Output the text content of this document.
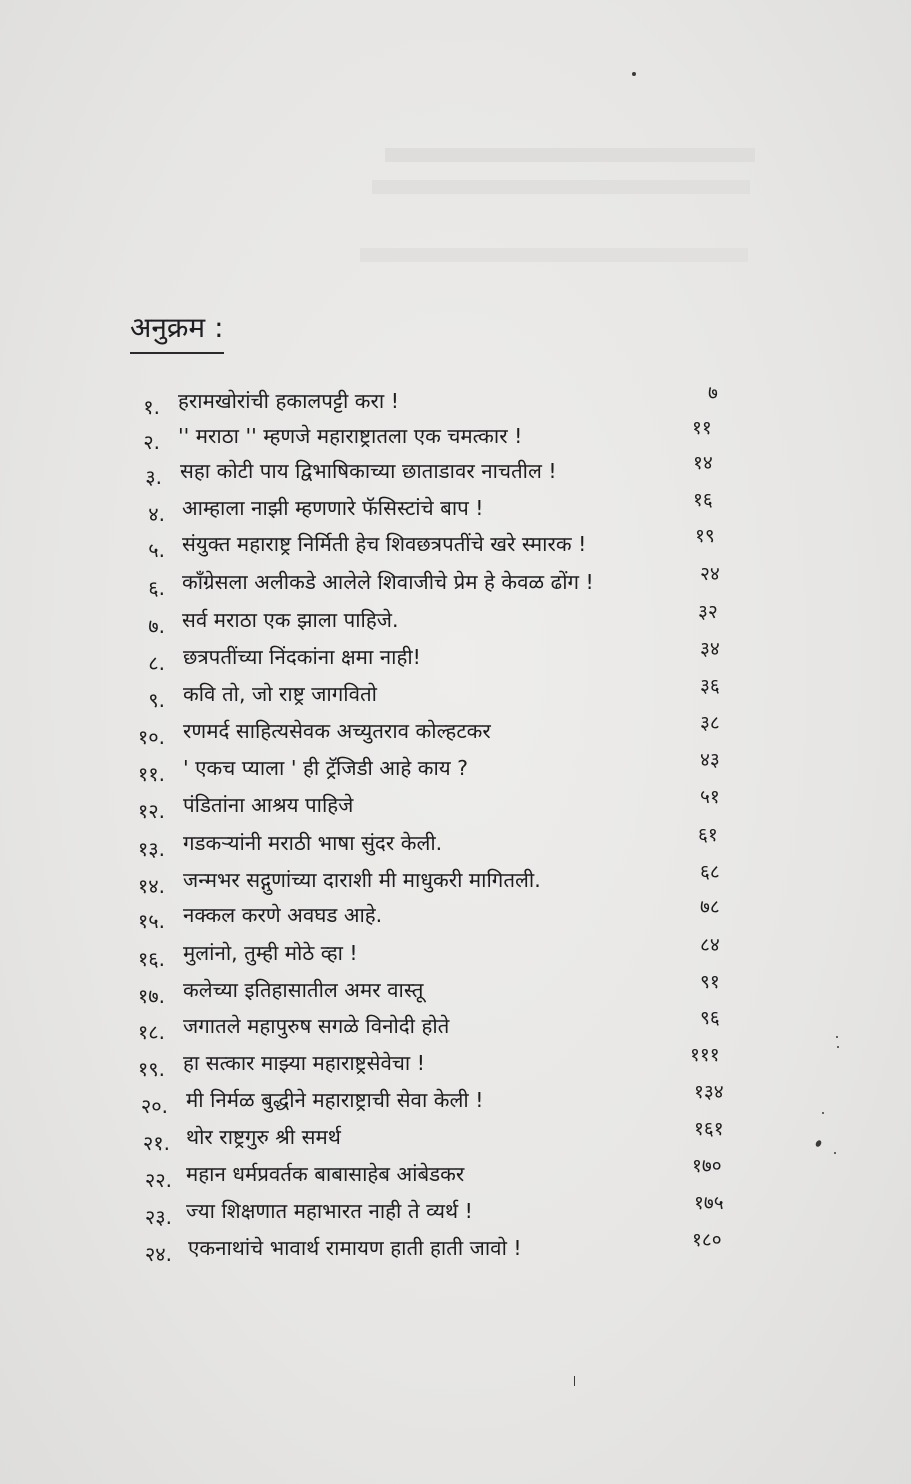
अनुक्रम :
१. हरामखोरांची हकालपट्टी करा !	७
२. '' मराठा '' म्हणजे महाराष्ट्रातला एक चमत्कार !	११
३. सहा कोटी पाय द्विभाषिकाच्या छाताडावर नाचतील !	१४
४. आम्हाला नाझी म्हणणारे फॅसिस्टांचे बाप !	१६
५. संयुक्त महाराष्ट्र निर्मिती हेच शिवछत्रपतींचे खरे स्मारक !	१९
६. काँग्रेसला अलीकडे आलेले शिवाजीचे प्रेम हे केवळ ढोंग !	२४
७. सर्व मराठा एक झाला पाहिजे.	३२
८. छत्रपतींच्या निंदकांना क्षमा नाही!	३४
९. कवि तो, जो राष्ट्र जागवितो	३६
१०. रणमर्द साहित्यसेवक अच्युतराव कोल्हटकर	३८
११. ' एकच प्याला ' ही ट्रॅजिडी आहे काय ?	४३
१२. पंडितांना आश्रय पाहिजे	५१
१३. गडकऱ्यांनी मराठी भाषा सुंदर केली.	६१
१४. जन्मभर सद्गुणांच्या दाराशी मी माधुकरी मागितली.	६८
१५. नक्कल करणे अवघड आहे.	७८
१६. मुलांनो, तुम्ही मोठे व्हा !	८४
१७. कलेच्या इतिहासातील अमर वास्तू	९१
१८. जगातले महापुरुष सगळे विनोदी होते	९६
१९. हा सत्कार माझ्या महाराष्ट्रसेवेचा !	१११
२०. मी निर्मळ बुद्धीने महाराष्ट्राची सेवा केली !	१३४
२१. थोर राष्ट्रगुरु श्री समर्थ	१६१
२२. महान धर्मप्रवर्तक बाबासाहेब आंबेडकर	१७०
२३. ज्या शिक्षणात महाभारत नाही ते व्यर्थ !	१७५
२४. एकनाथांचे भावार्थ रामायण हाती हाती जावो !	१८०
